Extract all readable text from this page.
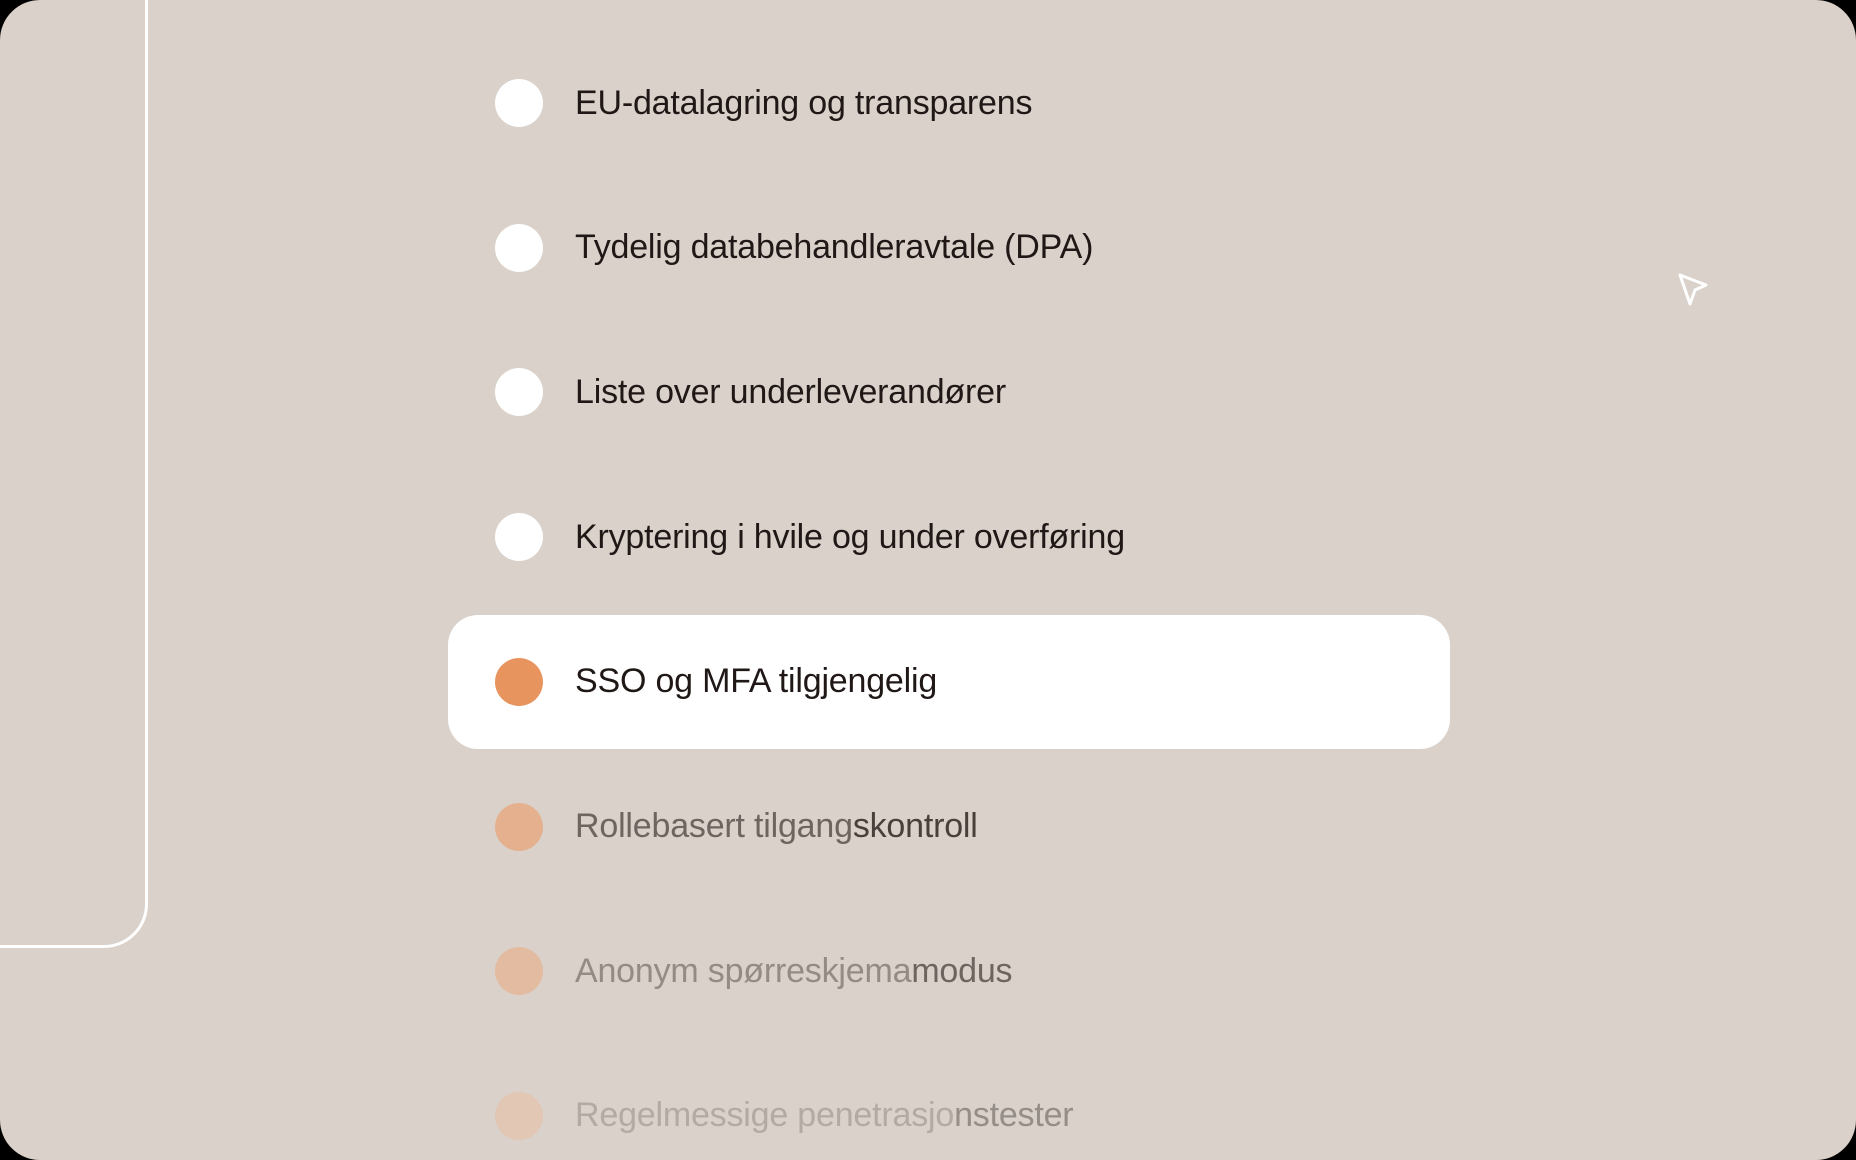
EU-datalagring og transparens
Tydelig databehandleravtale (DPA)
Liste over underleverandører
Kryptering i hvile og under overføring
SSO og MFA tilgjengelig
Rollebasert tilgangskontroll
Anonym spørreskjemamodus
Regelmessige penetrasjonstester
